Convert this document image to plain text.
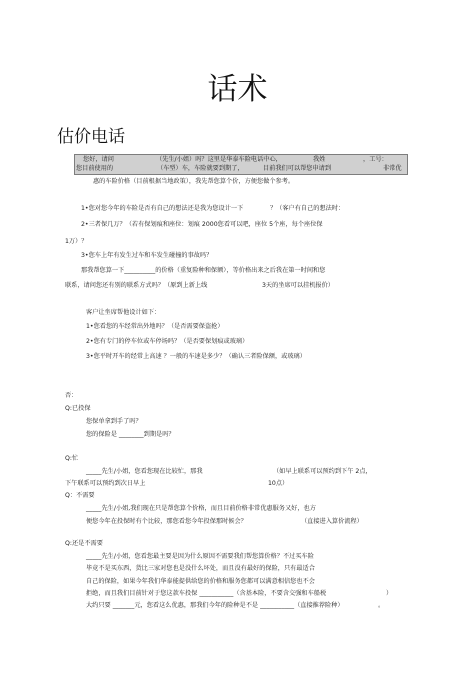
话术
估价电话
您好，请问	（先生/小姐）吗？这里是华泰车险电话中心，	我姓	，工号：
您目前使用的	（车型）车，车险就要到期了，	目前我们可以帮您申请到	非常优
惠的车险价格（目前根据当地政策），我先帮您算个价，方便您做个参考。
1•您对您今年的车险是否有自己的想法还是我为您设计一下	？（客户有自己的想法时：
2•三者保几万？（若有保划痕和座位：划痕 2000您看可以吧，座位 5个座，每个座位保
1万）？
3•您车上年有发生过车和车发生碰撞的事故吗？
那我帮您算一下__________的价格（重复险种和保额），等价格出来之后我在第一时间和您
联系，请问您还有别的联系方式吗？（原到上新上线	3天的坐席可以挂机报价）
客户让坐席帮他设计如下：
1•您看您的车经常出外地吗？（是否需要保盗抢）
2•您有专门的停车位或车停场吗？（是否要保划痕或玻璃）
3•您平时开车的经常上高速 ？一般的车速是多少？（确认三者险保额，或玻璃）
否：
Q:已投保
您保单拿到手了吗？
您的保险是 ________到期是吗？
Q:忙
_____先生/小姐，您看您现在比较忙，那我	（如早上联系可以预约到下午 2点，
下午联系可以预约到次日早上	10点）
Q：不需要
_____先生/小姐,我们现在只是帮您算个价格，而且目前价格非常优惠服务又好，也方
便您今年在投保时有个比较，那您看您今年投保那时候会？	（直接进入算价流程）
Q:还是不需要
_____先生/小姐，您看您最主要是因为什么原因不需要我们帮您算价格？不过买车险
毕竟不是买东西，货比三家对您也是没什么坏处，而且没有最好的保险，只有最适合
自己的保险，如果今年我们华泰能提供给您的价格和服务您都可以满意相信您也不会
拒绝，而且我们目前针对于您这款车投保 ___________（含基本险，不要含交强和车船税	）
大约只要 _______元，您看这么优惠，那我们今年的险种是不是 ___________（直接推荐险种）	。
